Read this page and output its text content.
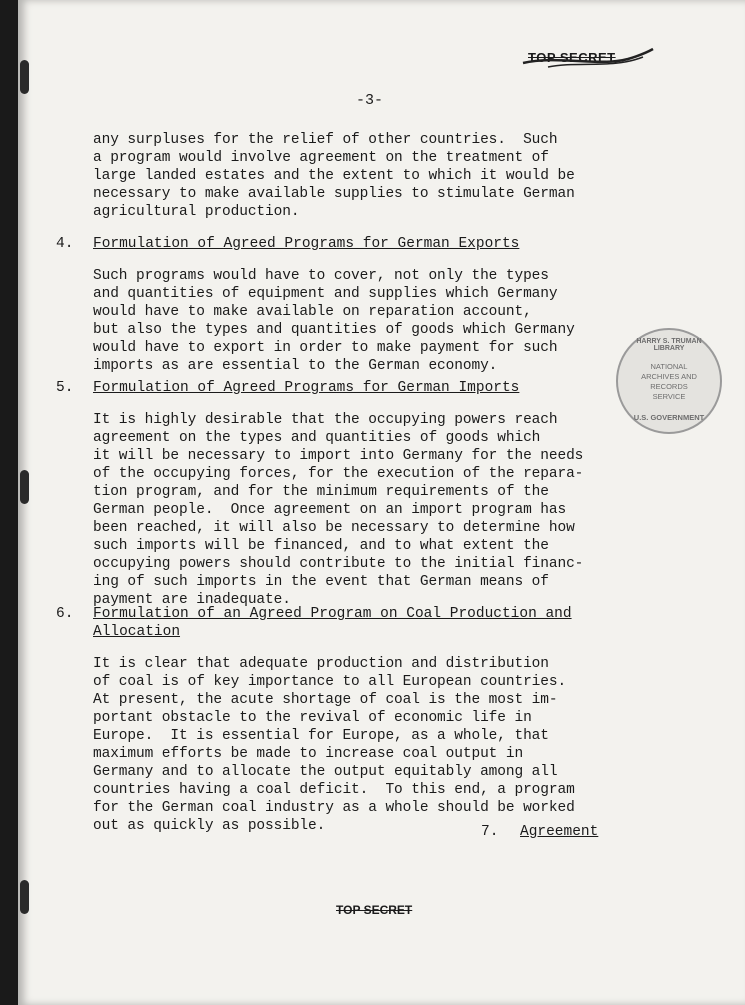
TOP SECRET
-3-
any surpluses for the relief of other countries.  Such
a program would involve agreement on the treatment of
large landed estates and the extent to which it would be
necessary to make available supplies to stimulate German
agricultural production.
4. Formulation of Agreed Programs for German Exports
Such programs would have to cover, not only the types
and quantities of equipment and supplies which Germany
would have to make available on reparation account,
but also the types and quantities of goods which Germany
would have to export in order to make payment for such
imports as are essential to the German economy.
5. Formulation of Agreed Programs for German Imports
It is highly desirable that the occupying powers reach
agreement on the types and quantities of goods which
it will be necessary to import into Germany for the needs
of the occupying forces, for the execution of the repara-
tion program, and for the minimum requirements of the
German people.  Once agreement on an import program has
been reached, it will also be necessary to determine how
such imports will be financed, and to what extent the
occupying powers should contribute to the initial financ-
ing of such imports in the event that German means of
payment are inadequate.
6. Formulation of an Agreed Program on Coal Production and
Allocation
It is clear that adequate production and distribution
of coal is of key importance to all European countries.
At present, the acute shortage of coal is the most im-
portant obstacle to the revival of economic life in
Europe.  It is essential for Europe, as a whole, that
maximum efforts be made to increase coal output in
Germany and to allocate the output equitably among all
countries having a coal deficit.  To this end, a program
for the German coal industry as a whole should be worked
out as quickly as possible.	7. Agreement
HARRY S. TRUMAN LIBRARY
NATIONAL
ARCHIVES AND
RECORDS
SERVICE
U.S. GOVERNMENT
TOP SECRET
